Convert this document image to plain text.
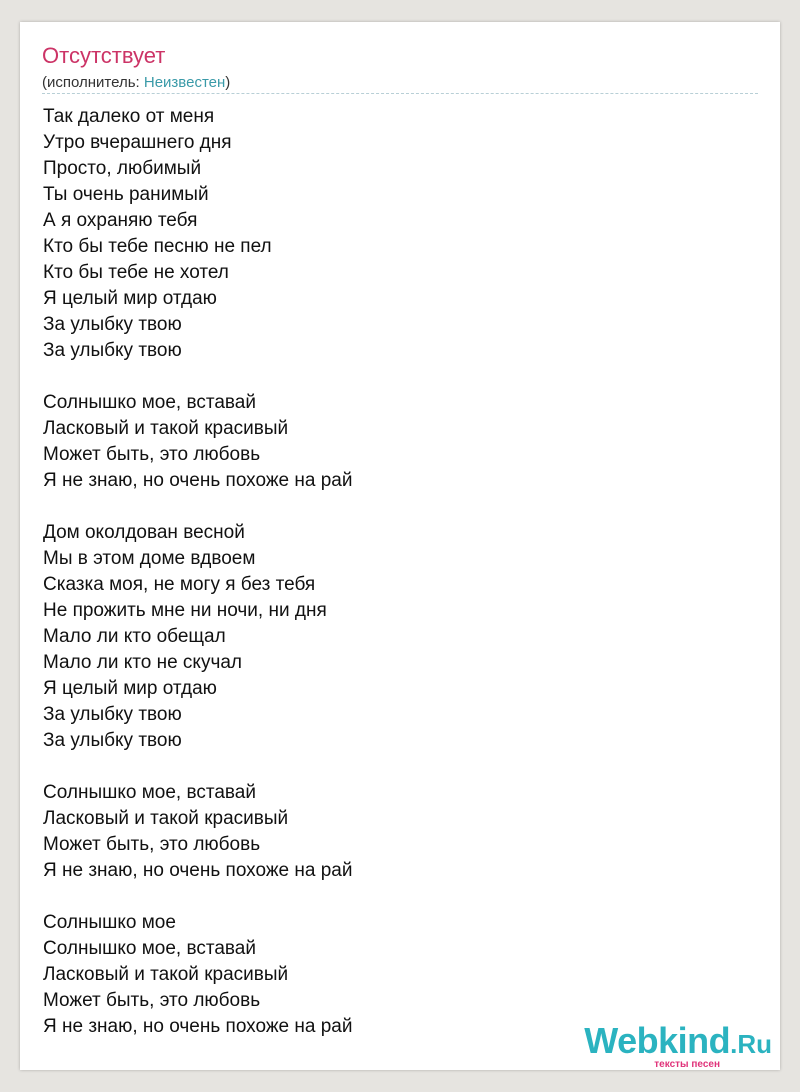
Отсутствует
(исполнитель: Неизвестен)
Так далеко от меня
Утро вчерашнего дня
Просто, любимый
Ты очень ранимый
А я охраняю тебя
Кто бы тебе песню не пел
Кто бы тебе не хотел
Я целый мир отдаю
За улыбку твою
За улыбку твою
Солнышко мое, вставай
Ласковый и такой красивый
Может быть, это любовь
Я не знаю, но очень похоже на рай
Дом околдован весной
Мы в этом доме вдвоем
Сказка моя, не могу я без тебя
Не прожить мне ни ночи, ни дня
Мало ли кто обещал
Мало ли кто не скучал
Я целый мир отдаю
За улыбку твою
За улыбку твою
Солнышко мое, вставай
Ласковый и такой красивый
Может быть, это любовь
Я не знаю, но очень похоже на рай
Солнышко мое
Солнышко мое, вставай
Ласковый и такой красивый
Может быть, это любовь
Я не знаю, но очень похоже на рай	Webkind.Ru
тексты песен
